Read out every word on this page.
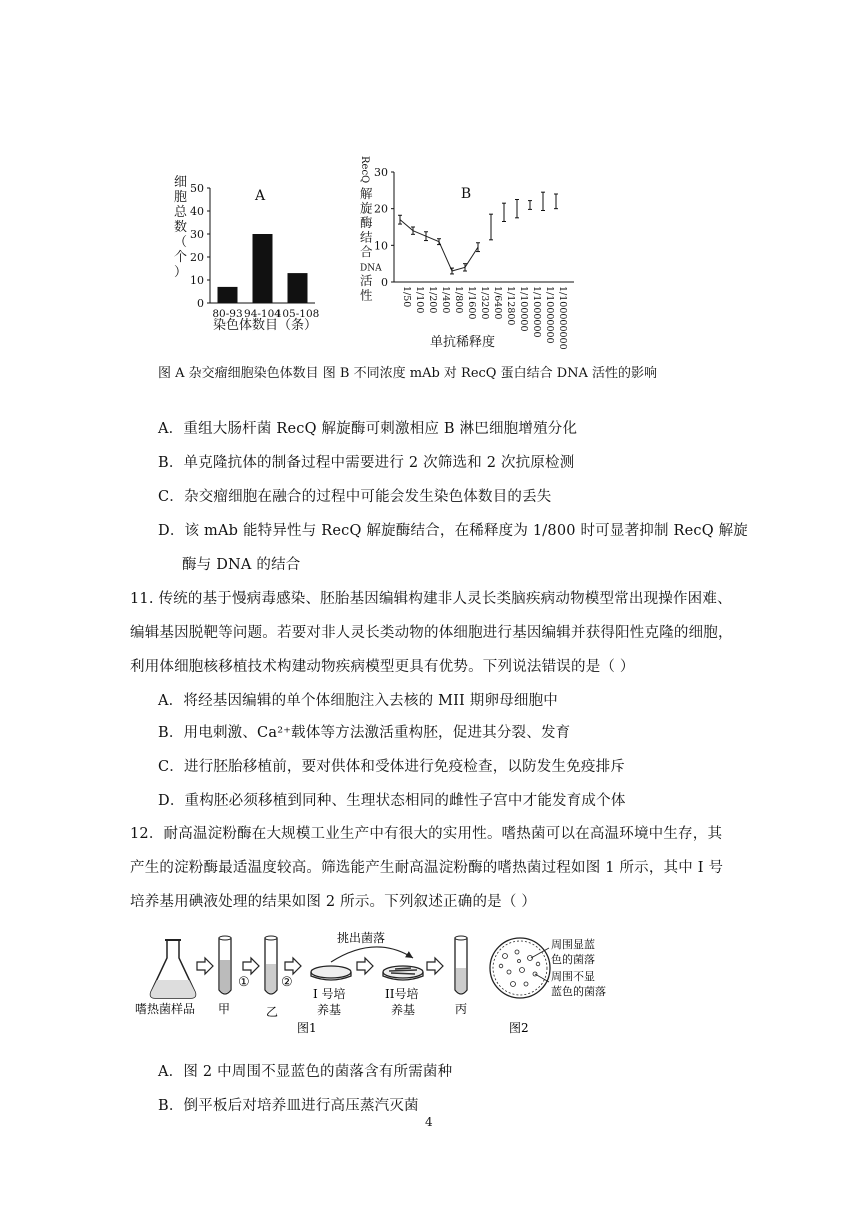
0
10
20
30
40
50
80-93 94-104
105-108
A
染色体数目（条）
细胞总数（个）
0
10
20
30
1/50 1/100 1/200 1/400 1/800 1/1600 1/3200 1/6400 1/12800 1/100000 1/1000000 1/10000000 1/100000000
B
单抗稀释度
RecQ
解旋酶结合 DNA 活性
图 A 杂交瘤细胞染色体数目 图 B 不同浓度 mAb 对 RecQ 蛋白结合 DNA 活性的影响
A．重组大肠杆菌 RecQ 解旋酶可刺激相应 B 淋巴细胞增殖分化
B．单克隆抗体的制备过程中需要进行 2 次筛选和 2 次抗原检测
C．杂交瘤细胞在融合的过程中可能会发生染色体数目的丢失
D．该 mAb 能特异性与 RecQ 解旋酶结合，在稀释度为 1/800 时可显著抑制 RecQ 解旋
酶与 DNA 的结合
11. 传统的基于慢病毒感染、胚胎基因编辑构建非人灵长类脑疾病动物模型常出现操作困难、
编辑基因脱靶等问题。若要对非人灵长类动物的体细胞进行基因编辑并获得阳性克隆的细胞，
利用体细胞核移植技术构建动物疾病模型更具有优势。下列说法错误的是（ ）
A．将经基因编辑的单个体细胞注入去核的 MII 期卵母细胞中
B．用电刺激、Ca²⁺载体等方法激活重构胚，促进其分裂、发育
C．进行胚胎移植前，要对供体和受体进行免疫检查，以防发生免疫排斥
D．重构胚必须移植到同种、生理状态相同的雌性子宫中才能发育成个体
12．耐高温淀粉酶在大规模工业生产中有很大的实用性。嗜热菌可以在高温环境中生存，其
产生的淀粉酶最适温度较高。筛选能产生耐高温淀粉酶的嗜热菌过程如图 1 所示，其中 I 号
培养基用碘液处理的结果如图 2 所示。下列叙述正确的是（ ）
嗜热菌样品 甲
①
乙
②
I 号培
养基
挑出菌落
II号培
养基	丙
图1
周围显蓝
色的菌落
周围不显
蓝色的菌落
图2
A．图 2 中周围不显蓝色的菌落含有所需菌种
B．倒平板后对培养皿进行高压蒸汽灭菌
4
